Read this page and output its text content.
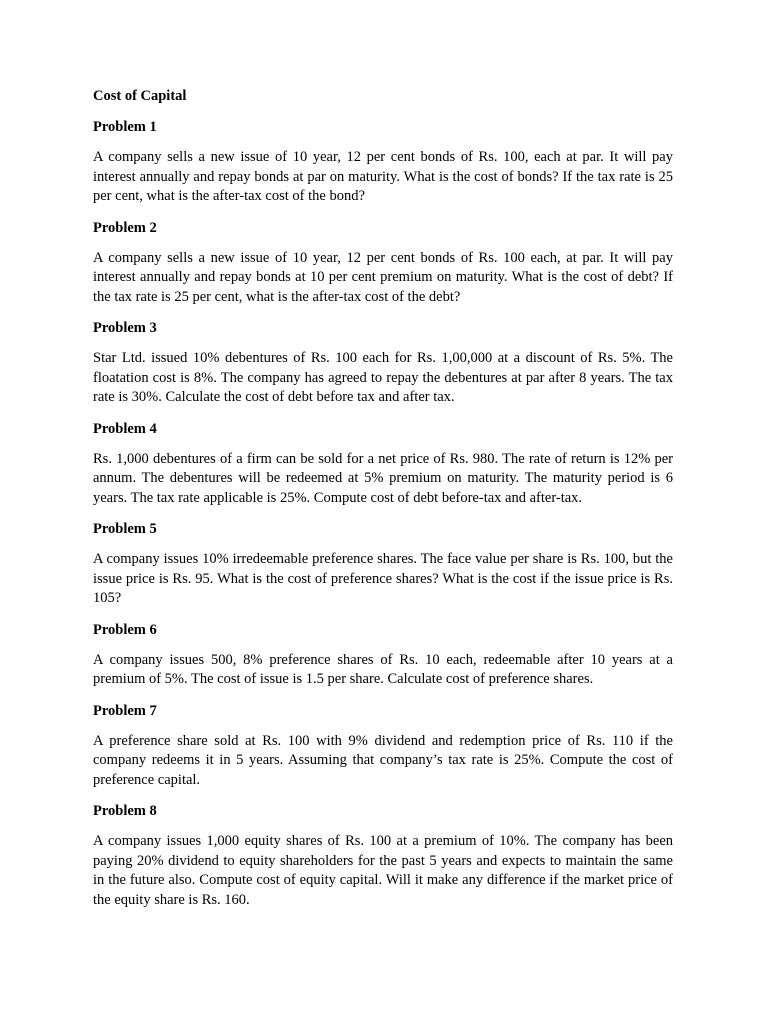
Cost of Capital
Problem 1

A company sells a new issue of 10 year, 12 per cent bonds of Rs. 100, each at par. It will pay interest annually and repay bonds at par on maturity. What is the cost of bonds? If the tax rate is 25 per cent, what is the after-tax cost of the bond?

Problem 2

A company sells a new issue of 10 year, 12 per cent bonds of Rs. 100 each, at par. It will pay interest annually and repay bonds at 10 per cent premium on maturity. What is the cost of debt? If the tax rate is 25 per cent, what is the after-tax cost of the debt?

Problem 3

Star Ltd. issued 10% debentures of Rs. 100 each for Rs. 1,00,000 at a discount of Rs. 5%. The floatation cost is 8%. The company has agreed to repay the debentures at par after 8 years. The tax rate is 30%. Calculate the cost of debt before tax and after tax.

Problem 4

Rs. 1,000 debentures of a firm can be sold for a net price of Rs. 980. The rate of return is 12% per annum. The debentures will be redeemed at 5% premium on maturity. The maturity period is 6 years. The tax rate applicable is 25%. Compute cost of debt before-tax and after-tax.

Problem 5

A company issues 10% irredeemable preference shares. The face value per share is Rs. 100, but the issue price is Rs. 95. What is the cost of preference shares? What is the cost if the issue price is Rs. 105?

Problem 6

A company issues 500, 8% preference shares of Rs. 10 each, redeemable after 10 years at a premium of 5%. The cost of issue is 1.5 per share. Calculate cost of preference shares.

Problem 7

A preference share sold at Rs. 100 with 9% dividend and redemption price of Rs. 110 if the company redeems it in 5 years. Assuming that company’s tax rate is 25%. Compute the cost of preference capital.

Problem 8

A company issues 1,000 equity shares of Rs. 100 at a premium of 10%. The company has been paying 20% dividend to equity shareholders for the past 5 years and expects to maintain the same in the future also. Compute cost of equity capital. Will it make any difference if the market price of the equity share is Rs. 160.
